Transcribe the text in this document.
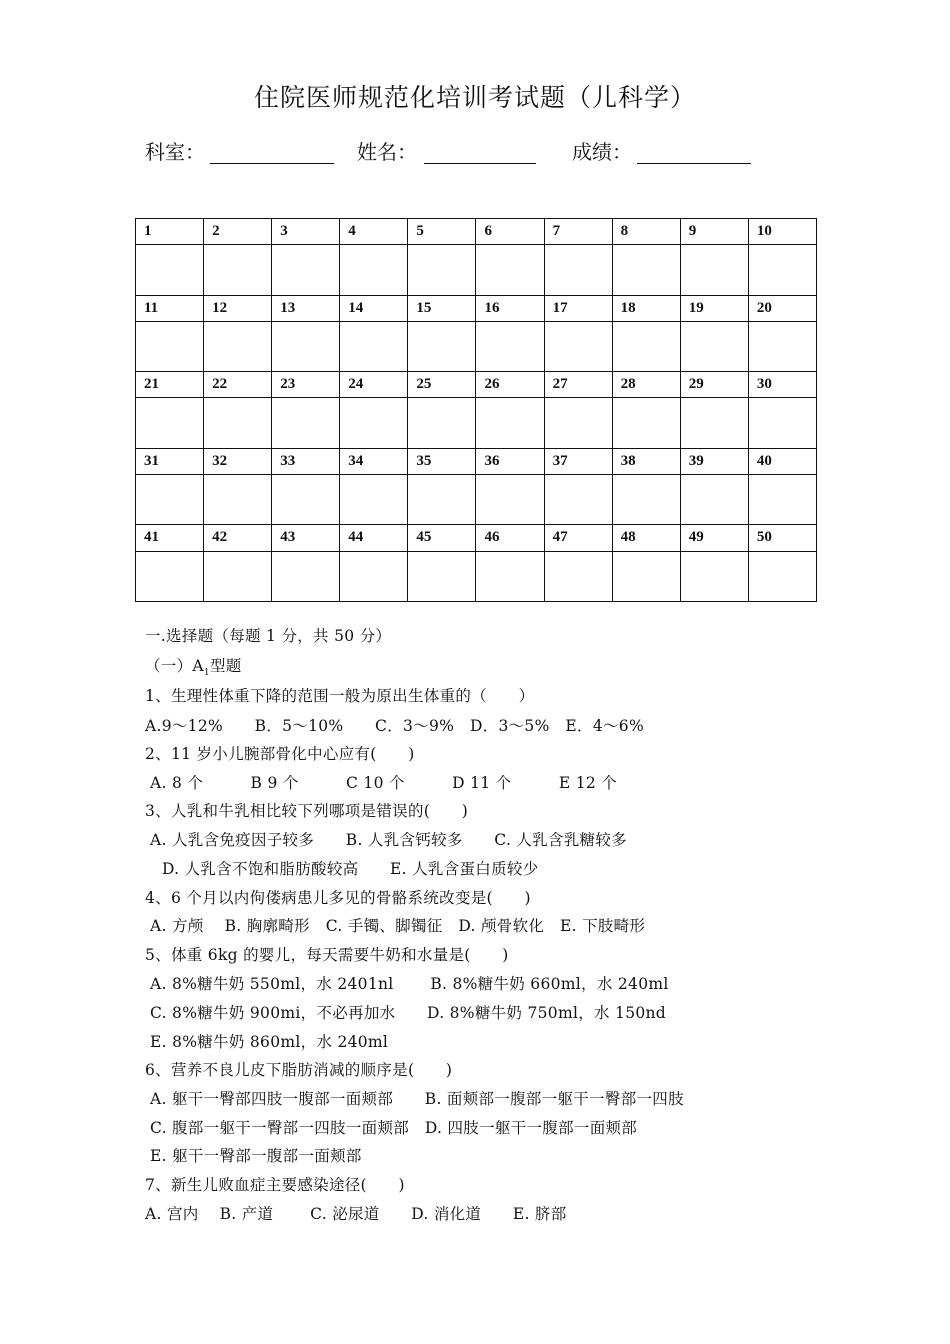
住院医师规范化培训考试题（儿科学）
科室：	姓名：	成绩：
1	2	3	4	5	6	7	8	9	10

11	12	13	14	15	16	17	18	19	20

21	22	23	24	25	26	27	28	29	30

31	32	33	34	35	36	37	38	39	40

41	42	43	44	45	46	47	48	49	50

一.选择题（每题 1 分，共 50 分）
（一）$A_1$型题
1、生理性体重下降的范围一般为原出生体重的（　　）
A.9～12%　　B．5～10%　　C．3～9%　D．3～5%　E．4～6%
2、11 岁小儿腕部骨化中心应有(　　)
A. 8 个　　　B 9 个　　　C 10 个　　　D 11 个　　　E 12 个
3、人乳和牛乳相比较下列哪项是错误的(　　)
A. 人乳含免疫因子较多　　B. 人乳含钙较多　　C. 人乳含乳糖较多
D. 人乳含不饱和脂肪酸较高　　E. 人乳含蛋白质较少
4、6 个月以内佝偻病患儿多见的骨骼系统改变是(　　)
A. 方颅　 B. 胸廓畸形　C. 手镯、脚镯征　D. 颅骨软化　E. 下肢畸形
5、体重 6kg 的婴儿，每天需要牛奶和水量是(　　)
A. 8%糖牛奶 550ml，水 2401nl　　 B. 8%糖牛奶 660ml，水 240ml
C. 8%糖牛奶 900mi，不必再加水　　D. 8%糖牛奶 750ml，水 150nd
E. 8%糖牛奶 860ml，水 240ml
6、营养不良儿皮下脂肪消减的顺序是(　　)
A. 躯干一臀部四肢一腹部一面颊部　　B. 面颊部一腹部一躯干一臀部一四肢
C. 腹部一躯干一臀部一四肢一面颊部　D. 四肢一躯干一腹部一面颊部
E. 躯干一臀部一腹部一面颊部
7、新生儿败血症主要感染途径(　　)
A. 宫内　 B. 产道　　 C. 泌尿道　　D. 消化道　　E. 脐部
